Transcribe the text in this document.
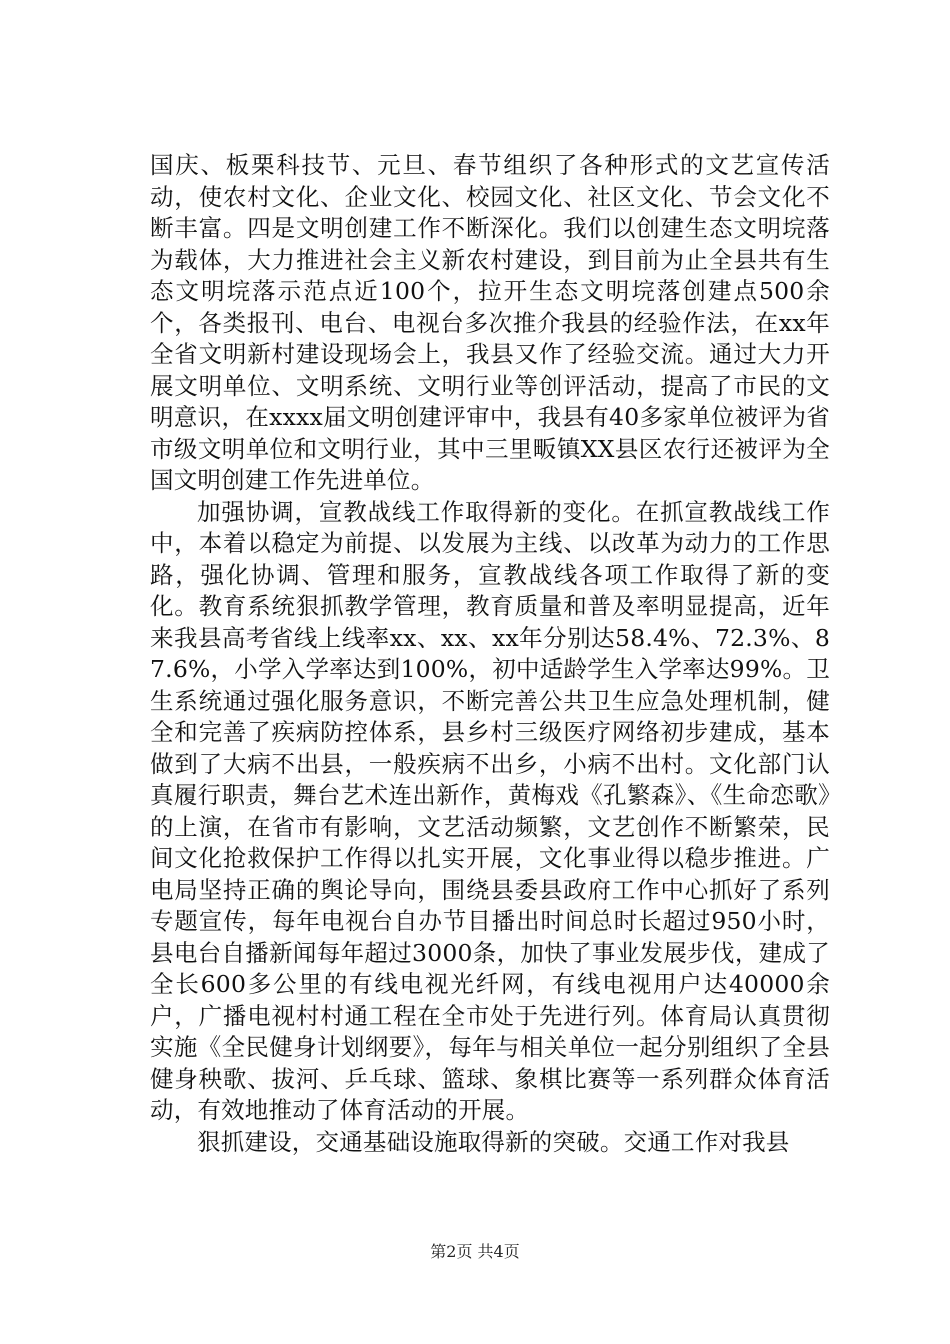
国庆、板栗科技节、元旦、春节组织了各种形式的文艺宣传活动，使农村文化、企业文化、校园文化、社区文化、节会文化不断丰富。四是文明创建工作不断深化。我们以创建生态文明垸落为载体，大力推进社会主义新农村建设，到目前为止全县共有生态文明垸落示范点近100个，拉开生态文明垸落创建点500余个，各类报刊、电台、电视台多次推介我县的经验作法，在xx年全省文明新村建设现场会上，我县又作了经验交流。通过大力开展文明单位、文明系统、文明行业等创评活动，提高了市民的文明意识，在xxxx届文明创建评审中，我县有40多家单位被评为省市级文明单位和文明行业，其中三里畈镇XX县区农行还被评为全国文明创建工作先进单位。

加强协调，宣教战线工作取得新的变化。在抓宣教战线工作中，本着以稳定为前提、以发展为主线、以改革为动力的工作思路，强化协调、管理和服务，宣教战线各项工作取得了新的变化。教育系统狠抓教学管理，教育质量和普及率明显提高，近年来我县高考省线上线率xx、xx、xx年分别达58.4%、72.3%、87.6%，小学入学率达到100%，初中适龄学生入学率达99%。卫生系统通过强化服务意识，不断完善公共卫生应急处理机制，健全和完善了疾病防控体系，县乡村三级医疗网络初步建成，基本做到了大病不出县，一般疾病不出乡，小病不出村。文化部门认真履行职责，舞台艺术连出新作，黄梅戏《孔繁森》、《生命恋歌》的上演，在省市有影响，文艺活动频繁，文艺创作不断繁荣，民间文化抢救保护工作得以扎实开展，文化事业得以稳步推进。广电局坚持正确的舆论导向，围绕县委县政府工作中心抓好了系列专题宣传，每年电视台自办节目播出时间总时长超过950小时，县电台自播新闻每年超过3000条，加快了事业发展步伐，建成了全长600多公里的有线电视光纤网，有线电视用户达40000余户，广播电视村村通工程在全市处于先进行列。体育局认真贯彻实施《全民健身计划纲要》，每年与相关单位一起分别组织了全县健身秧歌、拔河、乒乓球、篮球、象棋比赛等一系列群众体育活动，有效地推动了体育活动的开展。

狠抓建设，交通基础设施取得新的突破。交通工作对我县

第2页 共4页
